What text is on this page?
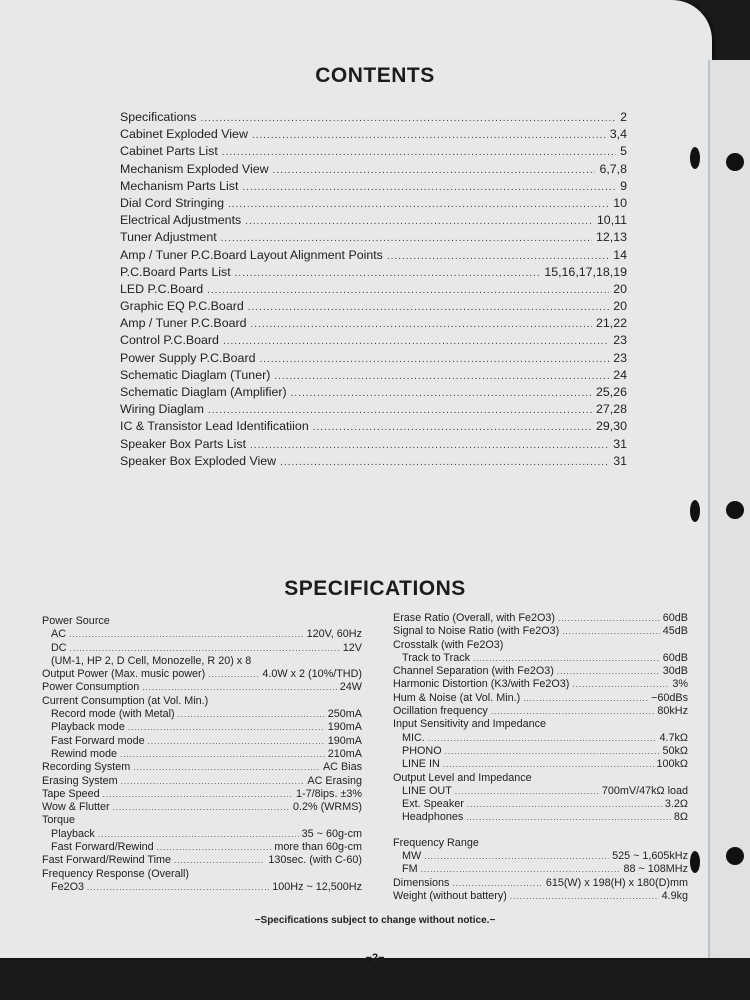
CONTENTS
Specifications .....	2
Cabinet Exploded View .....	3,4
Cabinet Parts List .....	5
Mechanism Exploded View .....	6,7,8
Mechanism Parts List .....	9
Dial Cord Stringing .....	10
Electrical Adjustments .....	10,11
Tuner Adjustment .....	12,13
Amp / Tuner P.C.Board Layout Alignment Points .....	14
P.C.Board Parts List .....	15,16,17,18,19
LED P.C.Board .....	20
Graphic EQ P.C.Board .....	20
Amp / Tuner P.C.Board .....	21,22
Control P.C.Board .....	23
Power Supply P.C.Board .....	23
Schematic Diaglam (Tuner) .....	24
Schematic Diaglam (Amplifier) .....	25,26
Wiring Diaglam .....	27,28
IC & Transistor Lead Identificatiion .....	29,30
Speaker Box Parts List .....	31
Speaker Box Exploded View .....	31
SPECIFICATIONS
Power Source
AC .....	120V, 60Hz
DC .....	12V
(UM-1, HP 2, D Cell, Monozelle, R 20) x 8
Output Power (Max. music power) .....	4.0W x 2 (10%/THD)
Power Consumption .....	24W
Current Consumption (at Vol. Min.)
Record mode (with Metal) .....	250mA
Playback mode .....	190mA
Fast Forward mode .....	190mA
Rewind mode .....	210mA
Recording System .....	AC Bias
Erasing System .....	AC Erasing
Tape Speed .....	1-7/8ips. ±3%
Wow & Flutter .....	0.2% (WRMS)
Torque
Playback .....	35 ~ 60g-cm
Fast Forward/Rewind .....	more than 60g-cm
Fast Forward/Rewind Time .....	130sec. (with C-60)
Frequency Response (Overall)
Fe2O3 .....	100Hz ~ 12,500Hz
Erase Ratio (Overall, with Fe2O3) .....	60dB
Signal to Noise Ratio (with Fe2O3) .....	45dB
Crosstalk (with Fe2O3)
Track to Track .....	60dB
Channel Separation (with Fe2O3) .....	30dB
Harmonic Distortion (K3/with Fe2O3) .....	3%
Hum & Noise (at Vol. Min.) .....	−60dBs
Ocillation frequency .....	80kHz
Input Sensitivity and Impedance
MIC. .....	4.7kΩ
PHONO .....	50kΩ
LINE IN .....	100kΩ
Output Level and Impedance
LINE OUT .....	700mV/47kΩ load
Ext. Speaker .....	3.2Ω
Headphones .....	8Ω
Frequency Range
MW .....	525 ~ 1,605kHz
FM .....	88 ~ 108MHz
Dimensions .....	615(W) x 198(H) x 180(D)mm
Weight (without battery) .....	4.9kg
−Specifications subject to change without notice.−
−2−
